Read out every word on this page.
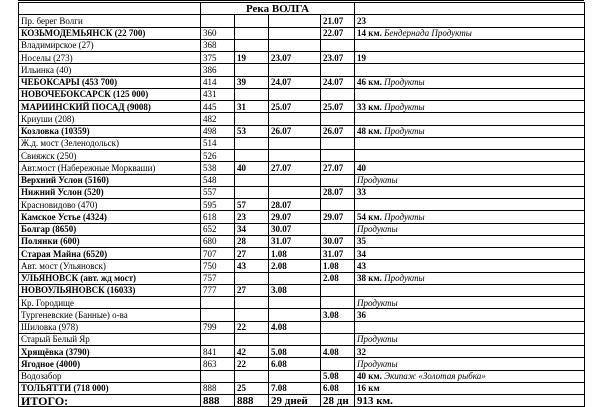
	Река ВОЛГА				
Пр. берег Волги				21.07	23
КОЗЬМОДЕМЬЯНСК (22 700)	360			22.07	14 км. Бендернада Продукты
Владимирское (27)	368				
Носелы (273)	375	19	23.07	23.07	19
Ильинка (40)	386				
ЧЕБОКСАРЫ (453 700)	414	39	24.07	24.07	46 км. Продукты
НОВОЧЕБОКСАРСК (125 000)	431				
МАРИИНСКИЙ ПОСАД (9008)	445	31	25.07	25.07	33 км. Продукты
Криуши (208)	482				
Козловка (10359)	498	53	26.07	26.07	48 км. Продукты
Ж.д. мост (Зеленодольск)	514				
Свияжск (250)	526				
Авт.мост (Набережные Моркваши)	538	40	27.07	27.07	40
Верхний Услон (5160)	548				Продукты
Нижний Услон (520)	557			28.07	33
Красновидово (470)	595	57	28.07		
Камское Устье (4324)	618	23	29.07	29.07	54 км. Продукты
Болгар (8650)	652	34	30.07		Продукты
Полянки (600)	680	28	31.07	30.07	35
Старая Майна (6520)	707	27	1.08	31.07	34
Авт. мост (Ульяновск)	750	43	2.08	1.08	43
УЛЬЯНОВСК (авт. жд мост)	757			2.08	38 км. Продукты
НОВОУЛЬЯНОВСК (16033)	777	27	3.08		
Кр. Городище					Продукты
Тургеневские (Банные) о-ва				3.08	36
Шиловка (978)	799	22	4.08		
Старый Белый Яр					Продукты
Хрящёвка (3790)	841	42	5.08	4.08	32
Ягодное (4000)	863	22	6.08		Продукты
Водозабор				5.08	40 км. Экипаж «Золотая рыбка»
ТОЛЬЯТТИ (718 000)	888	25	7.08	6.08	16 км
ИТОГО:	888	888	29 дней	28 дн	913 км.
